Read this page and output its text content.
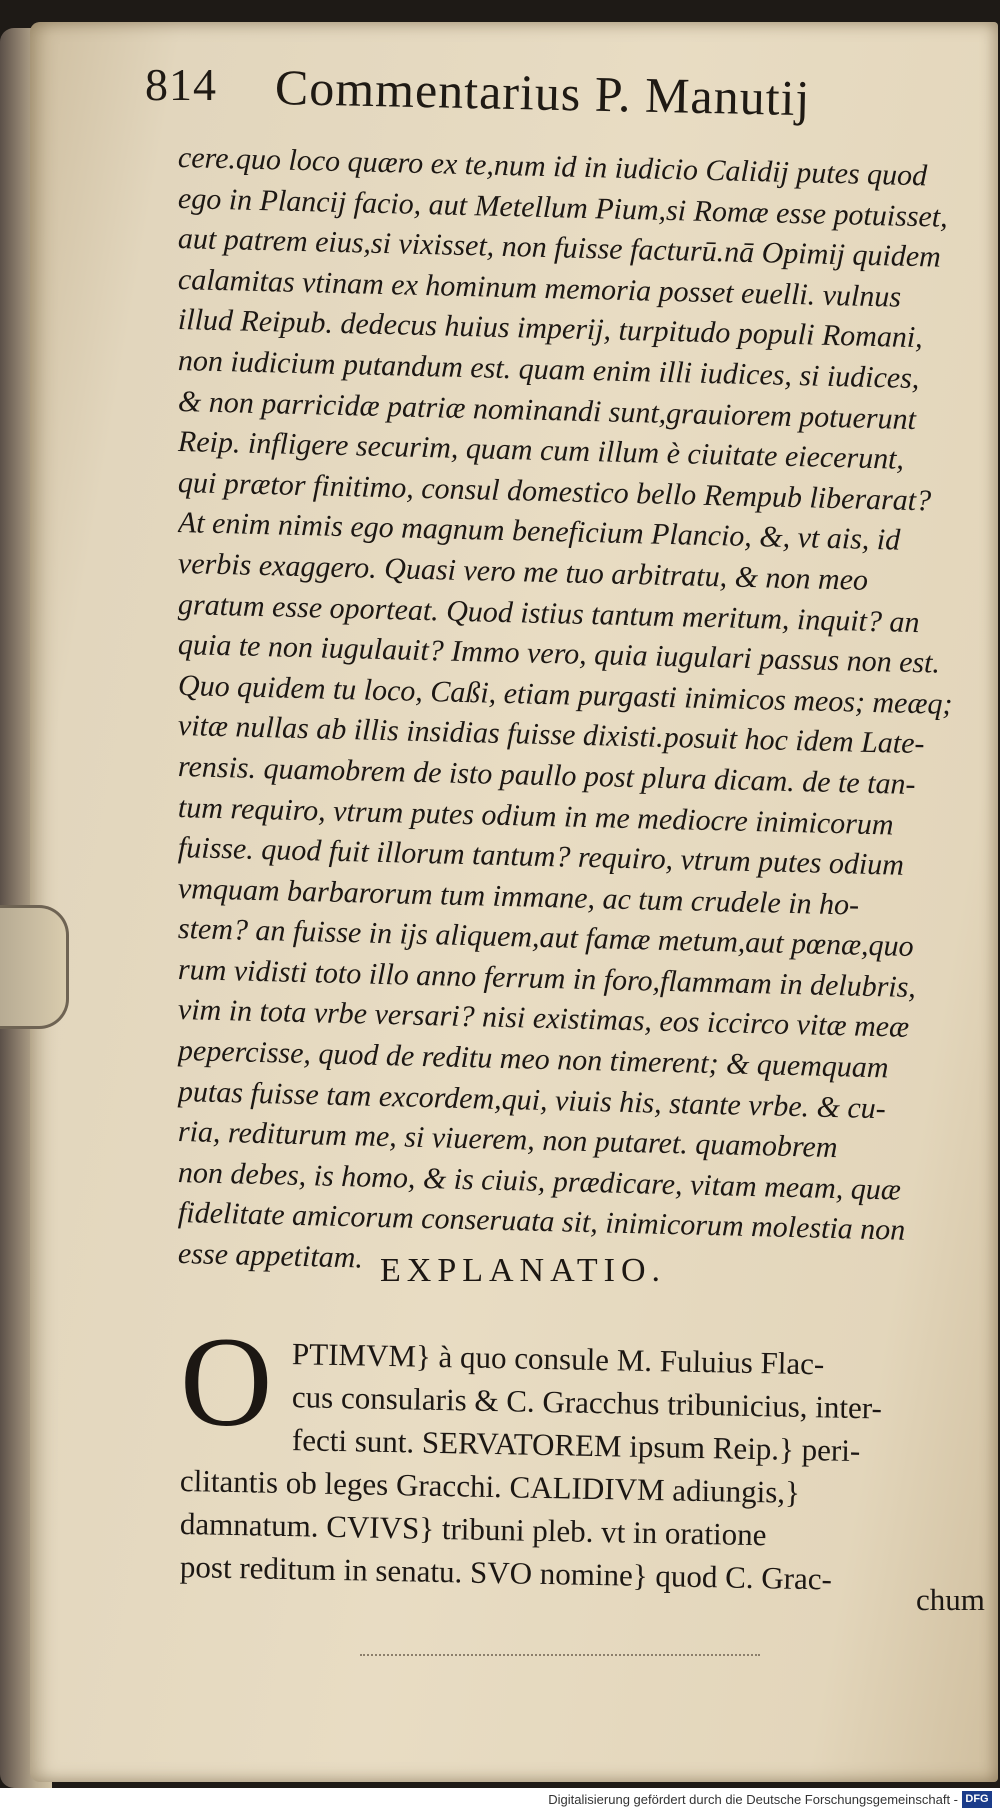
814 Commentarius P. Manutij
cere.quo loco quæro ex te,num id in iudicio Calidij putes quod
ego in Plancij facio, aut Metellum Pium,si Romæ esse potuisset,
aut patrem eius,si vixisset, non fuisse facturū.nā Opimij quidem
calamitas vtinam ex hominum memoria posset euelli. vulnus
illud Reipub. dedecus huius imperij, turpitudo populi Romani,
non iudicium putandum est. quam enim illi iudices, si iudices,
& non parricidæ patriæ nominandi sunt,grauiorem potuerunt
Reip. infligere securim, quam cum illum è ciuitate eiecerunt,
qui prætor finitimo, consul domestico bello Rempub liberarat?
At enim nimis ego magnum beneficium Plancio, &, vt ais, id
verbis exaggero. Quasi vero me tuo arbitratu, & non meo
gratum esse oporteat. Quod istius tantum meritum, inquit? an
quia te non iugulauit? Immo vero, quia iugulari passus non est.
Quo quidem tu loco, Caßi, etiam purgasti inimicos meos; meæq;
vitæ nullas ab illis insidias fuisse dixisti.posuit hoc idem Late-
rensis. quamobrem de isto paullo post plura dicam. de te tan-
tum requiro, vtrum putes odium in me mediocre inimicorum
fuisse. quod fuit illorum tantum? requiro, vtrum putes odium
vmquam barbarorum tum immane, ac tum crudele in ho-
stem? an fuisse in ijs aliquem,aut famæ metum,aut pœnæ,quo
rum vidisti toto illo anno ferrum in foro,flammam in delubris,
vim in tota vrbe versari? nisi existimas, eos iccirco vitæ meæ
pepercisse, quod de reditu meo non timerent; & quemquam
putas fuisse tam excordem,qui, viuis his, stante vrbe. & cu-
ria, rediturum me, si viuerem, non putaret. quamobrem
non debes, is homo, & is ciuis, prædicare, vitam meam, quæ
fidelitate amicorum conseruata sit, inimicorum molestia non
esse appetitam. EXPLANATIO.
O PTIMVM} à quo consule M. Fuluius Flac-
cus consularis & C. Gracchus tribunicius, inter-
fecti sunt. SERVATOREM ipsum Reip.} peri-
clitantis ob leges Gracchi. CALIDIVM adiungis,}
damnatum. CVIVS} tribuni pleb. vt in oratione
post reditum in senatu. SVO nomine} quod C. Grac-
chum
Digitalisierung gefördert durch die Deutsche Forschungsgemeinschaft - DFG
